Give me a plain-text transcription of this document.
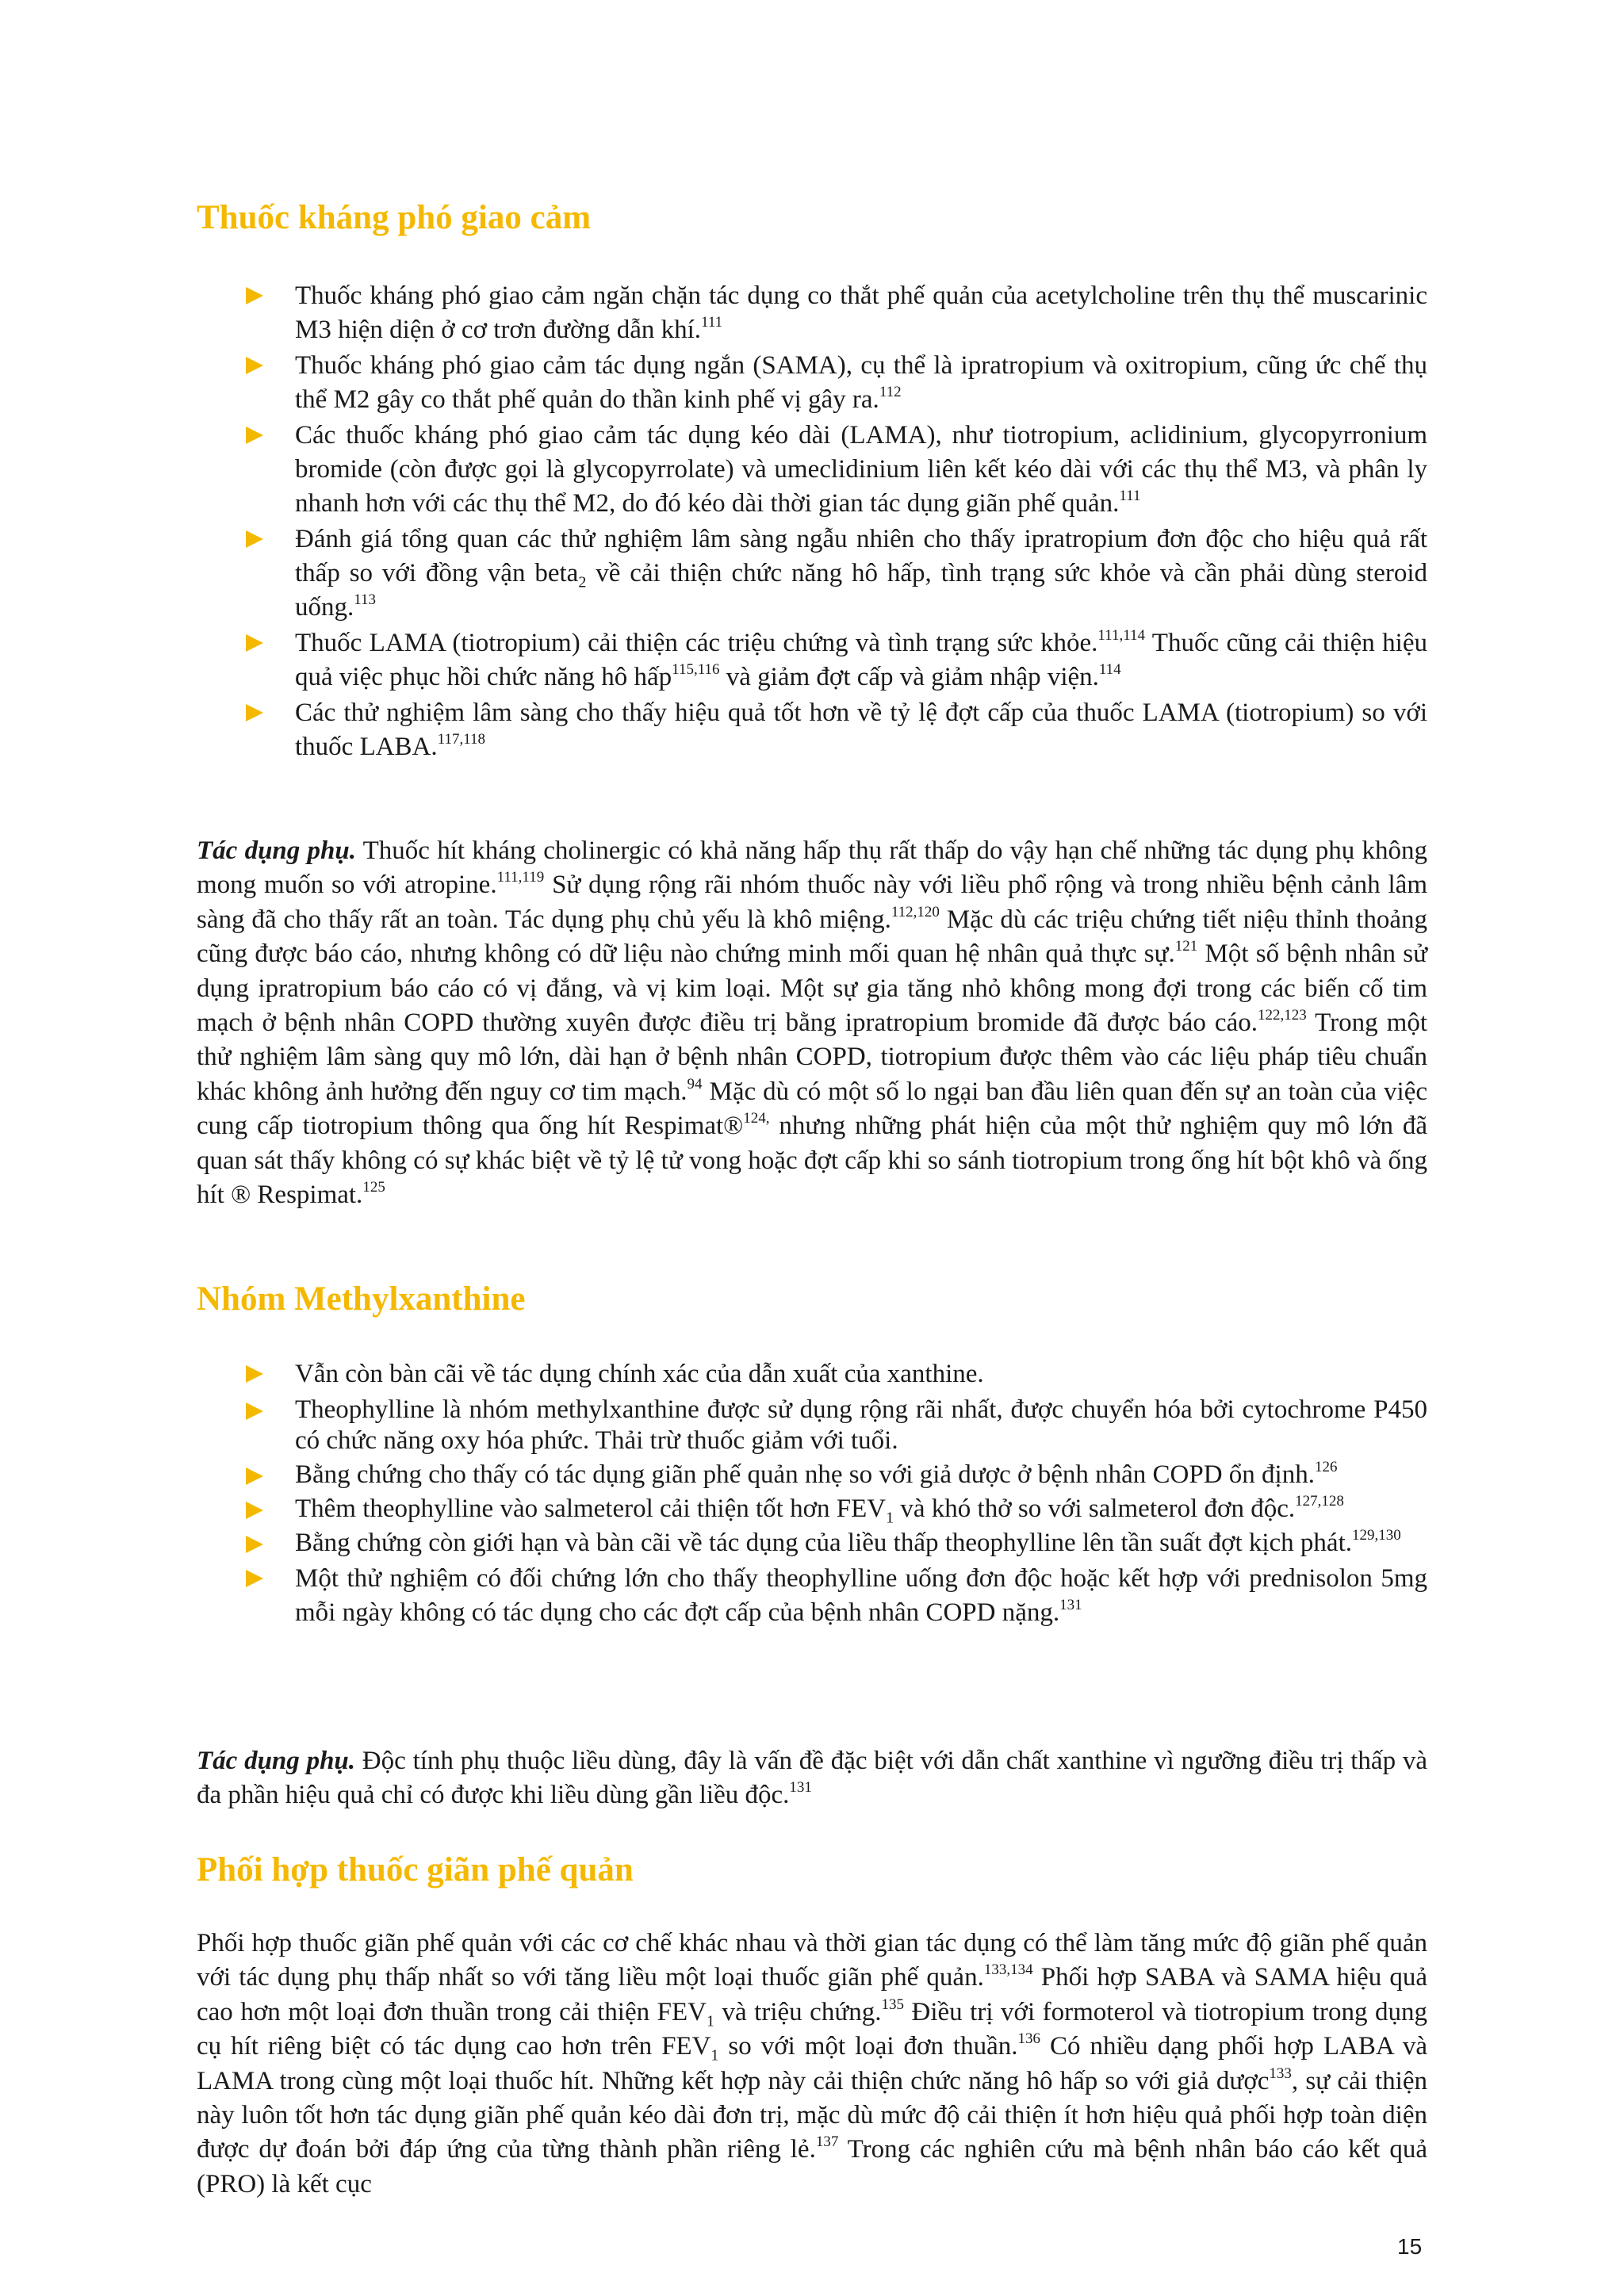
Thuốc kháng phó giao cảm
Thuốc kháng phó giao cảm ngăn chặn tác dụng co thắt phế quản của acetylcholine trên thụ thể muscarinic M3 hiện diện ở cơ trơn đường dẫn khí.$^{111}$
Thuốc kháng phó giao cảm tác dụng ngắn (SAMA), cụ thể là ipratropium và oxitropium, cũng ức chế thụ thể M2 gây co thắt phế quản do thần kinh phế vị gây ra.$^{112}$
Các thuốc kháng phó giao cảm tác dụng kéo dài (LAMA), như tiotropium, aclidinium, glycopyrronium bromide (còn được gọi là glycopyrrolate) và umeclidinium liên kết kéo dài với các thụ thể M3, và phân ly nhanh hơn với các thụ thể M2, do đó kéo dài thời gian tác dụng giãn phế quản.$^{111}$
Đánh giá tổng quan các thử nghiệm lâm sàng ngẫu nhiên cho thấy ipratropium đơn độc cho hiệu quả rất thấp so với đồng vận beta$_2$ về cải thiện chức năng hô hấp, tình trạng sức khỏe và cần phải dùng steroid uống.$^{113}$
Thuốc LAMA (tiotropium) cải thiện các triệu chứng và tình trạng sức khỏe.$^{111,114}$ Thuốc cũng cải thiện hiệu quả việc phục hồi chức năng hô hấp$^{115,116}$ và giảm đợt cấp và giảm nhập viện.$^{114}$
Các thử nghiệm lâm sàng cho thấy hiệu quả tốt hơn về tỷ lệ đợt cấp của thuốc LAMA (tiotropium) so với thuốc LABA.$^{117,118}$

Tác dụng phụ. Thuốc hít kháng cholinergic có khả năng hấp thụ rất thấp do vậy hạn chế những tác dụng phụ không mong muốn so với atropine.$^{111,119}$ Sử dụng rộng rãi nhóm thuốc này với liều phổ rộng và trong nhiều bệnh cảnh lâm sàng đã cho thấy rất an toàn. Tác dụng phụ chủ yếu là khô miệng.$^{112,120}$ Mặc dù các triệu chứng tiết niệu thỉnh thoảng cũng được báo cáo, nhưng không có dữ liệu nào chứng minh mối quan hệ nhân quả thực sự.$^{121}$ Một số bệnh nhân sử dụng ipratropium báo cáo có vị đắng, và vị kim loại. Một sự gia tăng nhỏ không mong đợi trong các biến cố tim mạch ở bệnh nhân COPD thường xuyên được điều trị bằng ipratropium bromide đã được báo cáo.$^{122,123}$ Trong một thử nghiệm lâm sàng quy mô lớn, dài hạn ở bệnh nhân COPD, tiotropium được thêm vào các liệu pháp tiêu chuẩn khác không ảnh hưởng đến nguy cơ tim mạch.$^{94}$ Mặc dù có một số lo ngại ban đầu liên quan đến sự an toàn của việc cung cấp tiotropium thông qua ống hít Respimat®$^{124,}$ nhưng những phát hiện của một thử nghiệm quy mô lớn đã quan sát thấy không có sự khác biệt về tỷ lệ tử vong hoặc đợt cấp khi so sánh tiotropium trong ống hít bột khô và ống hít ® Respimat.$^{125}$

Nhóm Methylxanthine
Vẫn còn bàn cãi về tác dụng chính xác của dẫn xuất của xanthine.
Theophylline là nhóm methylxanthine được sử dụng rộng rãi nhất, được chuyển hóa bởi cytochrome P450 có chức năng oxy hóa phức. Thải trừ thuốc giảm với tuổi.
Bằng chứng cho thấy có tác dụng giãn phế quản nhẹ so với giả dược ở bệnh nhân COPD ổn định.$^{126}$
Thêm theophylline vào salmeterol cải thiện tốt hơn $FEV_1$ và khó thở so với salmeterol đơn độc.$^{127,128}$
Bằng chứng còn giới hạn và bàn cãi về tác dụng của liều thấp theophylline lên tần suất đợt kịch phát.$^{129,130}$
Một thử nghiệm có đối chứng lớn cho thấy theophylline uống đơn độc hoặc kết hợp với prednisolon 5mg mỗi ngày không có tác dụng cho các đợt cấp của bệnh nhân COPD nặng.$^{131}$

Tác dụng phụ. Độc tính phụ thuộc liều dùng, đây là vấn đề đặc biệt với dẫn chất xanthine vì ngưỡng điều trị thấp và đa phần hiệu quả chỉ có được khi liều dùng gần liều độc.$^{131}$

Phối hợp thuốc giãn phế quản

Phối hợp thuốc giãn phế quản với các cơ chế khác nhau và thời gian tác dụng có thể làm tăng mức độ giãn phế quản với tác dụng phụ thấp nhất so với tăng liều một loại thuốc giãn phế quản.$^{133,134}$ Phối hợp SABA và SAMA hiệu quả cao hơn một loại đơn thuần trong cải thiện $FEV_1$ và triệu chứng.$^{135}$ Điều trị với formoterol và tiotropium trong dụng cụ hít riêng biệt có tác dụng cao hơn trên $FEV_1$ so với một loại đơn thuần.$^{136}$ Có nhiều dạng phối hợp LABA và LAMA trong cùng một loại thuốc hít. Những kết hợp này cải thiện chức năng hô hấp so với giả dược$^{133}$, sự cải thiện này luôn tốt hơn tác dụng giãn phế quản kéo dài đơn trị, mặc dù mức độ cải thiện ít hơn hiệu quả phối hợp toàn diện được dự đoán bởi đáp ứng của từng thành phần riêng lẻ.$^{137}$ Trong các nghiên cứu mà bệnh nhân báo cáo kết quả (PRO) là kết cục

15
